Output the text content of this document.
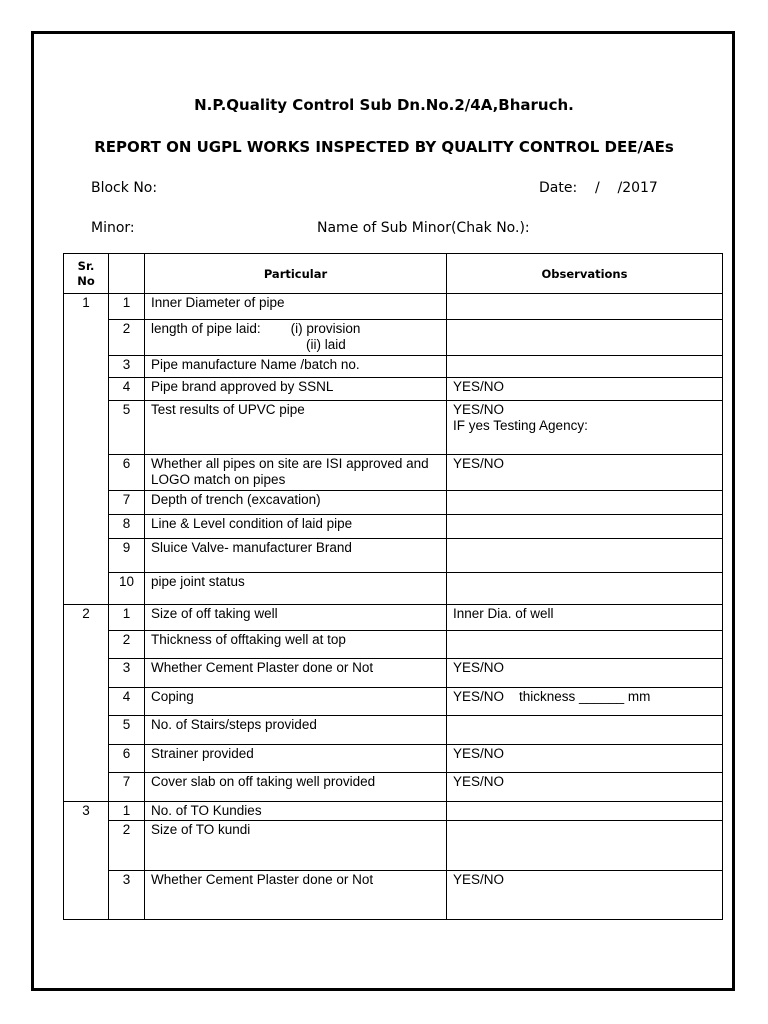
N.P.Quality Control Sub Dn.No.2/4A,Bharuch.
REPORT ON UGPL WORKS INSPECTED BY QUALITY CONTROL DEE/AEs
Block No:	Date:    /    /2017
Minor:	Name of Sub Minor(Chak No.):
Sr.
No		Particular	Observations
1	1	Inner Diameter of pipe	

	2	length of pipe laid:        (i) provision
(ii) laid	

	3	Pipe manufacture Name /batch no.	

	4	Pipe brand approved by SSNL	YES/NO

	5	Test results of UPVC pipe	YES/NO
IF yes Testing Agency:

	6	Whether all pipes on site are ISI approved and LOGO match on pipes	YES/NO

	7	Depth of trench (excavation)	

	8	Line & Level condition of laid pipe	

	9	Sluice Valve- manufacturer Brand	

	10	pipe joint status	

2	1	Size of off taking well	Inner Dia. of well

	2	Thickness of offtaking well at top	

	3	Whether Cement Plaster done or Not	YES/NO

	4	Coping	YES/NO    thickness ______ mm

	5	No. of Stairs/steps provided	

	6	Strainer provided	YES/NO

	7	Cover slab on off taking well provided	YES/NO

3	1	No. of TO Kundies	

	2	Size of TO kundi	

	3	Whether Cement Plaster done or Not	YES/NO
